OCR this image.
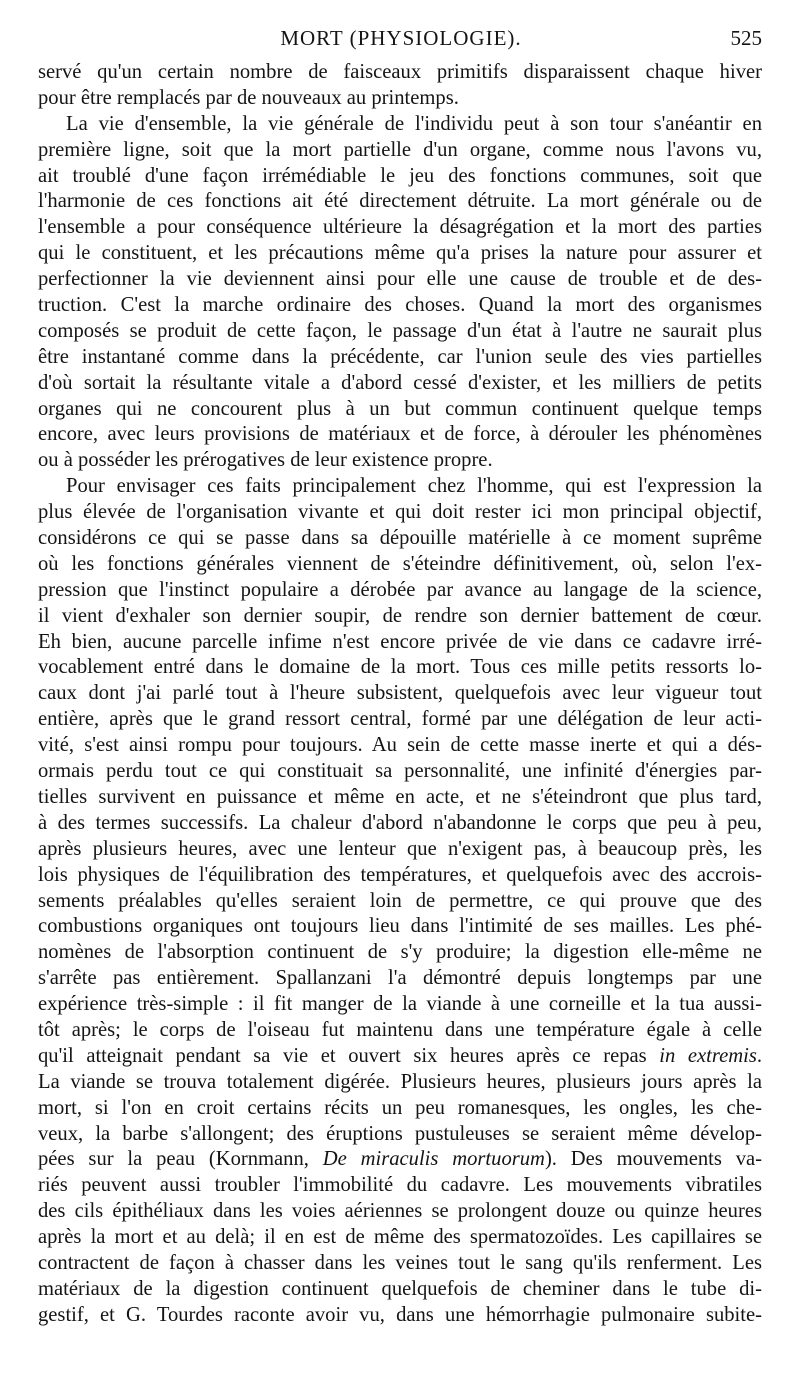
MORT (PHYSIOLOGIE).	525
servé qu'un certain nombre de faisceaux primitifs disparaissent chaque hiver
pour être remplacés par de nouveaux au printemps.
La vie d'ensemble, la vie générale de l'individu peut à son tour s'anéantir en
première ligne, soit que la mort partielle d'un organe, comme nous l'avons vu,
ait troublé d'une façon irrémédiable le jeu des fonctions communes, soit que
l'harmonie de ces fonctions ait été directement détruite. La mort générale ou de
l'ensemble a pour conséquence ultérieure la désagrégation et la mort des parties
qui le constituent, et les précautions même qu'a prises la nature pour assurer et
perfectionner la vie deviennent ainsi pour elle une cause de trouble et de des-
truction. C'est la marche ordinaire des choses. Quand la mort des organismes
composés se produit de cette façon, le passage d'un état à l'autre ne saurait plus
être instantané comme dans la précédente, car l'union seule des vies partielles
d'où sortait la résultante vitale a d'abord cessé d'exister, et les milliers de petits
organes qui ne concourent plus à un but commun continuent quelque temps
encore, avec leurs provisions de matériaux et de force, à dérouler les phénomènes
ou à posséder les prérogatives de leur existence propre.
Pour envisager ces faits principalement chez l'homme, qui est l'expression la
plus élevée de l'organisation vivante et qui doit rester ici mon principal objectif,
considérons ce qui se passe dans sa dépouille matérielle à ce moment suprême
où les fonctions générales viennent de s'éteindre définitivement, où, selon l'ex-
pression que l'instinct populaire a dérobée par avance au langage de la science,
il vient d'exhaler son dernier soupir, de rendre son dernier battement de cœur.
Eh bien, aucune parcelle infime n'est encore privée de vie dans ce cadavre irré-
vocablement entré dans le domaine de la mort. Tous ces mille petits ressorts lo-
caux dont j'ai parlé tout à l'heure subsistent, quelquefois avec leur vigueur tout
entière, après que le grand ressort central, formé par une délégation de leur acti-
vité, s'est ainsi rompu pour toujours. Au sein de cette masse inerte et qui a dés-
ormais perdu tout ce qui constituait sa personnalité, une infinité d'énergies par-
tielles survivent en puissance et même en acte, et ne s'éteindront que plus tard,
à des termes successifs. La chaleur d'abord n'abandonne le corps que peu à peu,
après plusieurs heures, avec une lenteur que n'exigent pas, à beaucoup près, les
lois physiques de l'équilibration des températures, et quelquefois avec des accrois-
sements préalables qu'elles seraient loin de permettre, ce qui prouve que des
combustions organiques ont toujours lieu dans l'intimité de ses mailles. Les phé-
nomènes de l'absorption continuent de s'y produire; la digestion elle-même ne
s'arrête pas entièrement. Spallanzani l'a démontré depuis longtemps par une
expérience très-simple : il fit manger de la viande à une corneille et la tua aussi-
tôt après; le corps de l'oiseau fut maintenu dans une température égale à celle
qu'il atteignait pendant sa vie et ouvert six heures après ce repas in extremis.
La viande se trouva totalement digérée. Plusieurs heures, plusieurs jours après la
mort, si l'on en croit certains récits un peu romanesques, les ongles, les che-
veux, la barbe s'allongent; des éruptions pustuleuses se seraient même dévelop-
pées sur la peau (Kornmann, De miraculis mortuorum). Des mouvements va-
riés peuvent aussi troubler l'immobilité du cadavre. Les mouvements vibratiles
des cils épithéliaux dans les voies aériennes se prolongent douze ou quinze heures
après la mort et au delà; il en est de même des spermatozoïdes. Les capillaires se
contractent de façon à chasser dans les veines tout le sang qu'ils renferment. Les
matériaux de la digestion continuent quelquefois de cheminer dans le tube di-
gestif, et G. Tourdes raconte avoir vu, dans une hémorrhagie pulmonaire subite-
